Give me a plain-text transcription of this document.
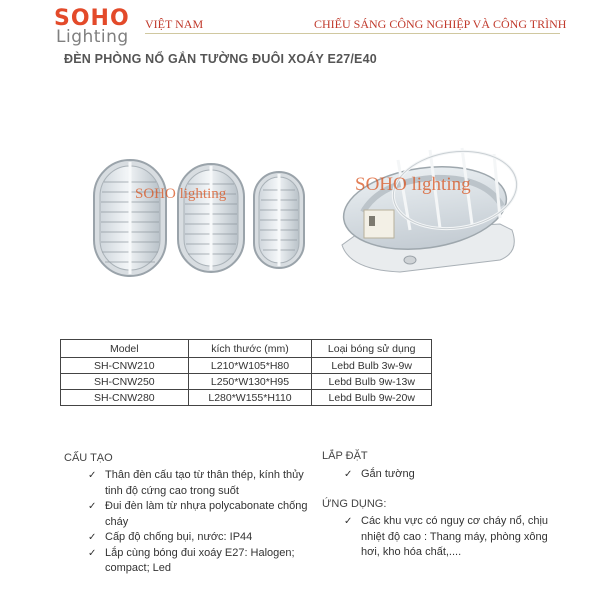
SOHO
Lighting
VIỆT NAM	CHIẾU SÁNG CÔNG NGHIỆP VÀ CÔNG TRÌNH
ĐÈN PHÒNG NỔ GẮN TƯỜNG ĐUÔI XOÁY E27/E40
SOHO lighting	SOHO lighting
Model	kích thước (mm)	Loại bóng sử dụng
SH-CNW210	L210*W105*H80	Lebd Bulb 3w-9w
SH-CNW250	L250*W130*H95	Lebd Bulb 9w-13w
SH-CNW280	L280*W155*H110	Lebd Bulb 9w-20w
CẤU TẠO
✓ Thân đèn cấu tạo từ thân thép, kính thủy tinh độ cứng cao trong suốt
✓ Đui đèn làm từ nhựa polycabonate chống cháy
✓ Cấp độ chống bụi, nước: IP44
✓ Lắp cùng bóng đui xoáy E27: Halogen; compact; Led
LẮP ĐẶT
✓ Gắn tường
ỨNG DỤNG:
✓ Các khu vực có nguy cơ cháy nổ, chịu nhiệt độ cao : Thang máy, phòng xông hơi, kho hóa chất,....
